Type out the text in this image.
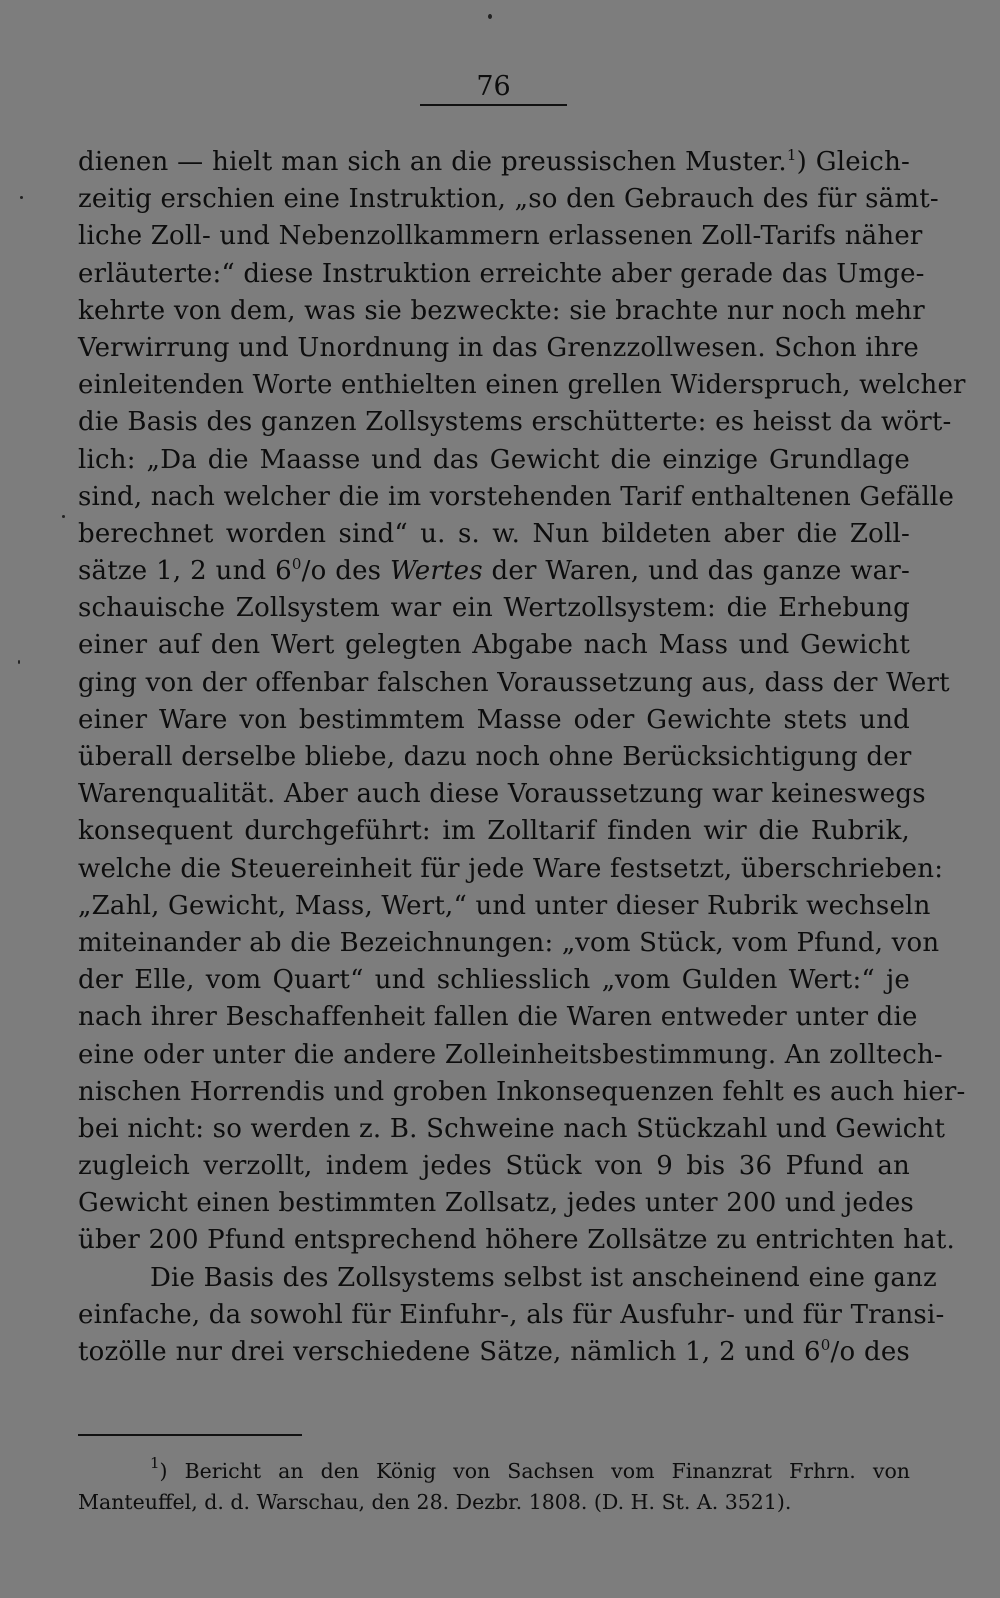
76
dienen — hielt man sich an die preussischen Muster.$^1$) Gleich-
zeitig erschien eine Instruktion, „so den Gebrauch des für sämt-
liche Zoll- und Nebenzollkammern erlassenen Zoll-Tarifs näher
erläuterte:“ diese Instruktion erreichte aber gerade das Umge-
kehrte von dem, was sie bezweckte: sie brachte nur noch mehr
Verwirrung und Unordnung in das Grenzzollwesen. Schon ihre
einleitenden Worte enthielten einen grellen Widerspruch, welcher
die Basis des ganzen Zollsystems erschütterte: es heisst da wört-
lich: „Da die Maasse und das Gewicht die einzige Grundlage
sind, nach welcher die im vorstehenden Tarif enthaltenen Gefälle
berechnet worden sind“ u. s. w. Nun bildeten aber die Zoll-
sätze 1, 2 und $6^0/o$ des Wertes der Waren, und das ganze war-
schauische Zollsystem war ein Wertzollsystem: die Erhebung
einer auf den Wert gelegten Abgabe nach Mass und Gewicht
ging von der offenbar falschen Voraussetzung aus, dass der Wert
einer Ware von bestimmtem Masse oder Gewichte stets und
überall derselbe bliebe, dazu noch ohne Berücksichtigung der
Warenqualität. Aber auch diese Voraussetzung war keineswegs
konsequent durchgeführt: im Zolltarif finden wir die Rubrik,
welche die Steuereinheit für jede Ware festsetzt, überschrieben:
„Zahl, Gewicht, Mass, Wert,“ und unter dieser Rubrik wechseln
miteinander ab die Bezeichnungen: „vom Stück, vom Pfund, von
der Elle, vom Quart“ und schliesslich „vom Gulden Wert:“ je
nach ihrer Beschaffenheit fallen die Waren entweder unter die
eine oder unter die andere Zolleinheitsbestimmung. An zolltech-
nischen Horrendis und groben Inkonsequenzen fehlt es auch hier-
bei nicht: so werden z. B. Schweine nach Stückzahl und Gewicht
zugleich verzollt, indem jedes Stück von 9 bis 36 Pfund an
Gewicht einen bestimmten Zollsatz, jedes unter 200 und jedes
über 200 Pfund entsprechend höhere Zollsätze zu entrichten hat.
Die Basis des Zollsystems selbst ist anscheinend eine ganz
einfache, da sowohl für Einfuhr-, als für Ausfuhr- und für Transi-
tozölle nur drei verschiedene Sätze, nämlich 1, 2 und $6^0/o$ des
$^1$) Bericht an den König von Sachsen vom Finanzrat Frhrn. von
Manteuffel, d. d. Warschau, den 28. Dezbr. 1808. (D. H. St. A. 3521).
